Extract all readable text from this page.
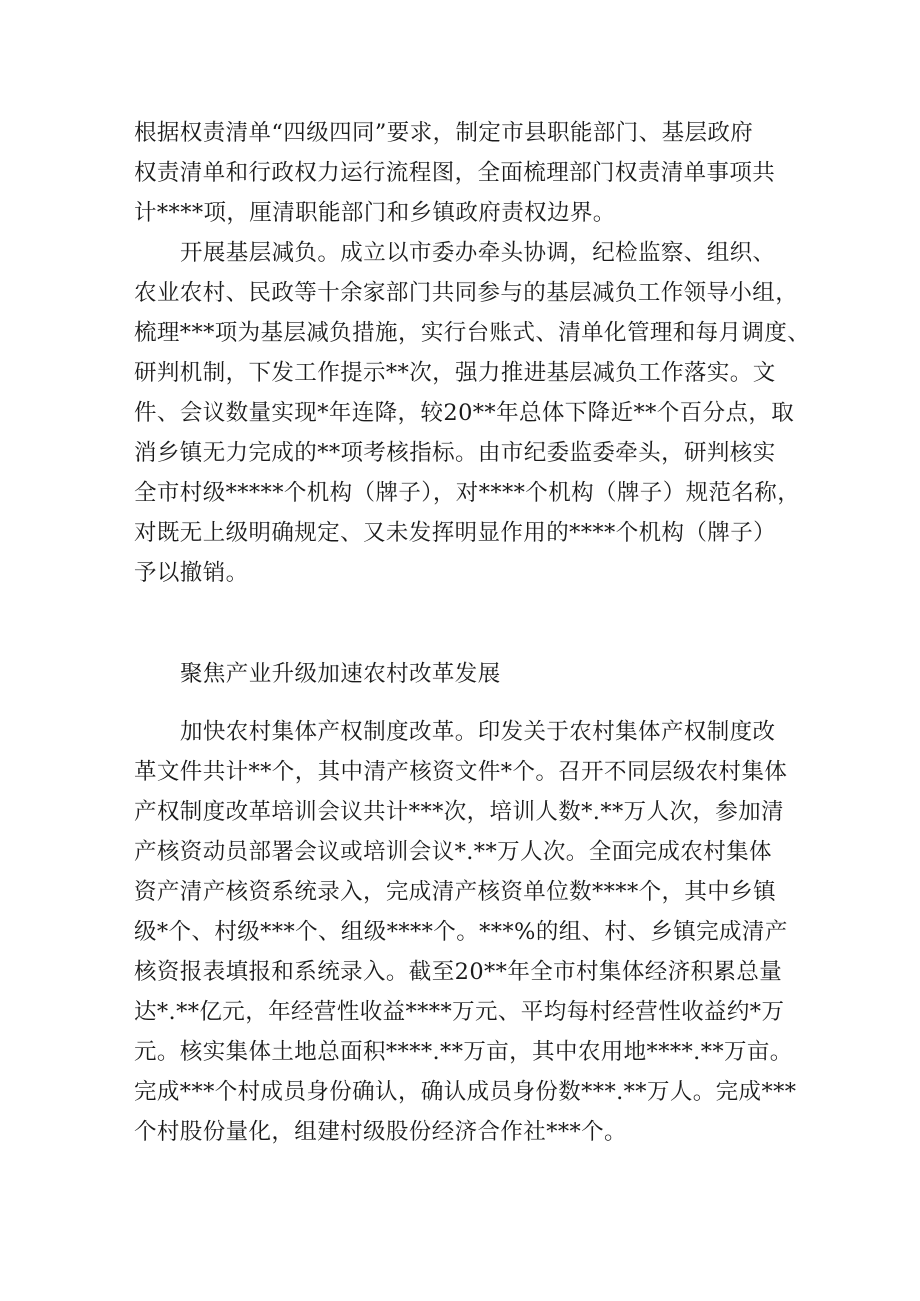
根据权责清单“四级四同”要求，制定市县职能部门、基层政府
权责清单和行政权力运行流程图，全面梳理部门权责清单事项共
计****项，厘清职能部门和乡镇政府责权边界。
开展基层减负。成立以市委办牵头协调，纪检监察、组织、
农业农村、民政等十余家部门共同参与的基层减负工作领导小组，
梳理***项为基层减负措施，实行台账式、清单化管理和每月调度、
研判机制，下发工作提示**次，强力推进基层减负工作落实。文
件、会议数量实现*年连降，较20**年总体下降近**个百分点，取
消乡镇无力完成的**项考核指标。由市纪委监委牵头，研判核实
全市村级*****个机构（牌子），对****个机构（牌子）规范名称，
对既无上级明确规定、又未发挥明显作用的****个机构（牌子）
予以撤销。
聚焦产业升级加速农村改革发展
加快农村集体产权制度改革。印发关于农村集体产权制度改
革文件共计**个，其中清产核资文件*个。召开不同层级农村集体
产权制度改革培训会议共计***次，培训人数*.**万人次，参加清
产核资动员部署会议或培训会议*.**万人次。全面完成农村集体
资产清产核资系统录入，完成清产核资单位数****个，其中乡镇
级*个、村级***个、组级****个。***%的组、村、乡镇完成清产
核资报表填报和系统录入。截至20**年全市村集体经济积累总量
达*.**亿元，年经营性收益****万元、平均每村经营性收益约*万
元。核实集体土地总面积****.**万亩，其中农用地****.**万亩。
完成***个村成员身份确认，确认成员身份数***.**万人。完成***
个村股份量化，组建村级股份经济合作社***个。
